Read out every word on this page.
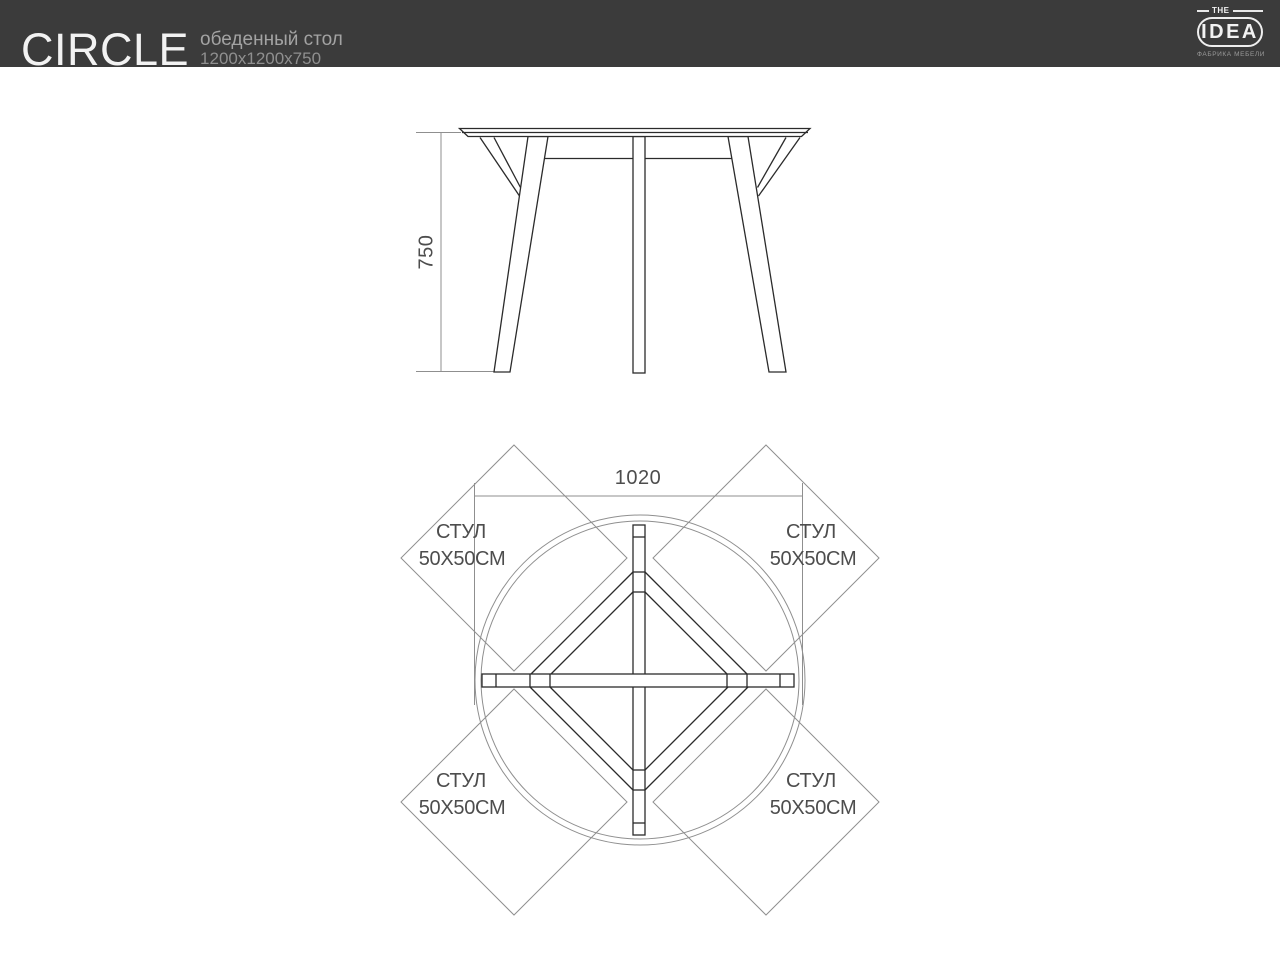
750
1020
СТУЛ
50X50СМ
СТУЛ
50X50СМ
СТУЛ
50X50СМ
СТУЛ
50X50СМ
CIRCLE обеденный стол
1200x1200x750
THE
IDEA
ФАБРИКА МЕБЕЛИ
